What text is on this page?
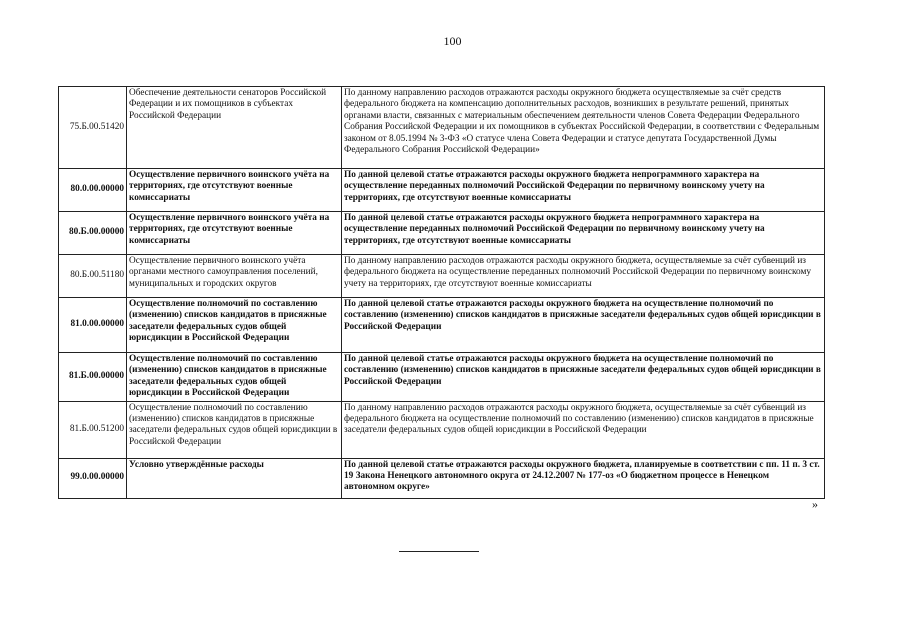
100
75.Б.00.51420	Обеспечение деятельности сенаторов Российской Федерации и их помощников в субъектах Российской Федерации	По данному направлению расходов отражаются расходы окружного бюджета осуществляемые за счёт средств федерального бюджета на компенсацию дополнительных расходов, возникших в результате решений, принятых органами власти, связанных с материальным обеспечением деятельности членов Совета Федерации Федерального Собрания Российской Федерации и их помощников в субъектах Российской Федерации, в соответствии с Федеральным законом от 8.05.1994 № 3-ФЗ «О статусе члена Совета Федерации и статусе депутата Государственной Думы Федерального Собрания Российской Федерации»
80.0.00.00000	Осуществление первичного воинского учёта на территориях, где отсутствуют военные комиссариаты	По данной целевой статье отражаются расходы окружного бюджета непрограммного характера на осуществление переданных полномочий Российской Федерации по первичному воинскому учету на территориях, где отсутствуют военные комиссариаты
80.Б.00.00000	Осуществление первичного воинского учёта на территориях, где отсутствуют военные комиссариаты	По данной целевой статье отражаются расходы окружного бюджета непрограммного характера на осуществление переданных полномочий Российской Федерации по первичному воинскому учету на территориях, где отсутствуют военные комиссариаты
80.Б.00.51180	Осуществление первичного воинского учёта органами местного самоуправления поселений, муниципальных и городских округов	По данному направлению расходов отражаются расходы окружного бюджета, осуществляемые за счёт субвенций из федерального бюджета на осуществление переданных полномочий Российской Федерации по первичному воинскому учету на территориях, где отсутствуют военные комиссариаты
81.0.00.00000	Осуществление полномочий по составлению (изменению) списков кандидатов в присяжные заседатели федеральных судов общей юрисдикции в Российской Федерации	По данной целевой статье отражаются расходы окружного бюджета на осуществление полномочий по составлению (изменению) списков кандидатов в присяжные заседатели федеральных судов общей юрисдикции в Российской Федерации
81.Б.00.00000	Осуществление полномочий по составлению (изменению) списков кандидатов в присяжные заседатели федеральных судов общей юрисдикции в Российской Федерации	По данной целевой статье отражаются расходы окружного бюджета на осуществление полномочий по составлению (изменению) списков кандидатов в присяжные заседатели федеральных судов общей юрисдикции в Российской Федерации
81.Б.00.51200	Осуществление полномочий по составлению (изменению) списков кандидатов в присяжные заседатели федеральных судов общей юрисдикции в Российской Федерации	По данному направлению расходов отражаются расходы окружного бюджета, осуществляемые за счёт субвенций из федерального бюджета на осуществление полномочий по составлению (изменению) списков кандидатов в присяжные заседатели федеральных судов общей юрисдикции в Российской Федерации
99.0.00.00000	Условно утверждённые расходы	По данной целевой статье отражаются расходы окружного бюджета, планируемые в соответствии с пп. 11 п. 3 ст. 19 Закона Ненецкого автономного округа от 24.12.2007 № 177-оз «О бюджетном процессе в Ненецком автономном округе»
»
